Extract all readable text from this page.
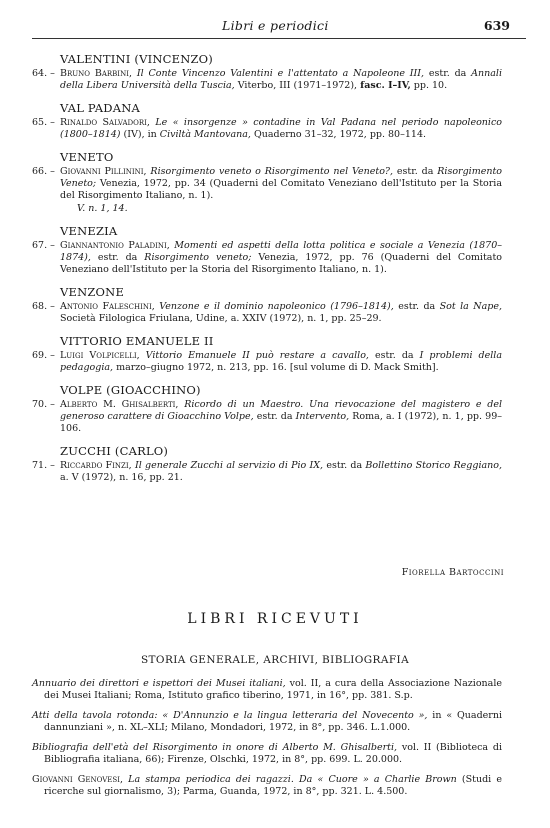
Libri e periodici	639
VALENTINI (VINCENZO)
64. – Bruno Barbini, Il Conte Vincenzo Valentini e l'attentato a Napoleone III, estr. da Annali della Libera Università della Tuscia, Viterbo, III (1971–1972), fasc. I–IV, pp. 10.
VAL PADANA
65. – Rinaldo Salvadori, Le « insorgenze » contadine in Val Padana nel periodo napoleonico (1800–1814) (IV), in Civiltà Mantovana, Quaderno 31–32, 1972, pp. 80–114.
VENETO
66. – Giovanni Pillinini, Risorgimento veneto o Risorgimento nel Veneto?, estr. da Risorgimento Veneto; Venezia, 1972, pp. 34 (Quaderni del Comitato Veneziano dell'Istituto per la Storia del Risorgimento Italiano, n. 1).
V. n. 1, 14.
VENEZIA
67. – Giannantonio Paladini, Momenti ed aspetti della lotta politica e sociale a Venezia (1870–1874), estr. da Risorgimento veneto; Venezia, 1972, pp. 76 (Quaderni del Comitato Veneziano dell'Istituto per la Storia del Risorgimento Italiano, n. 1).
VENZONE
68. – Antonio Faleschini, Venzone e il dominio napoleonico (1796–1814), estr. da Sot la Nape, Società Filologica Friulana, Udine, a. XXIV (1972), n. 1, pp. 25–29.
VITTORIO EMANUELE II
69. – Luigi Volpicelli, Vittorio Emanuele II può restare a cavallo, estr. da I problemi della pedagogia, marzo–giugno 1972, n. 213, pp. 16. [sul volume di D. Mack Smith].
VOLPE (GIOACCHINO)
70. – Alberto M. Ghisalberti, Ricordo di un Maestro. Una rievocazione del magistero e del generoso carattere di Gioacchino Volpe, estr. da Intervento, Roma, a. I (1972), n. 1, pp. 99–106.
ZUCCHI (CARLO)
71. – Riccardo Finzi, Il generale Zucchi al servizio di Pio IX, estr. da Bollettino Storico Reggiano, a. V (1972), n. 16, pp. 21.
Fiorella Bartoccini
LIBRI RICEVUTI
STORIA GENERALE, ARCHIVI, BIBLIOGRAFIA
Annuario dei direttori e ispettori dei Musei italiani, vol. II, a cura della Associazione Nazionale dei Musei Italiani; Roma, Istituto grafico tiberino, 1971, in 16°, pp. 381. S.p.
Atti della tavola rotonda: « D'Annunzio e la lingua letteraria del Novecento », in « Quaderni dannunziani », n. XL–XLI; Milano, Mondadori, 1972, in 8°, pp. 346. L.1.000.
Bibliografia dell'età del Risorgimento in onore di Alberto M. Ghisalberti, vol. II (Biblioteca di Bibliografia italiana, 66); Firenze, Olschki, 1972, in 8°, pp. 699. L. 20.000.
Giovanni Genovesi, La stampa periodica dei ragazzi. Da « Cuore » a Charlie Brown (Studi e ricerche sul giornalismo, 3); Parma, Guanda, 1972, in 8°, pp. 321. L. 4.500.
